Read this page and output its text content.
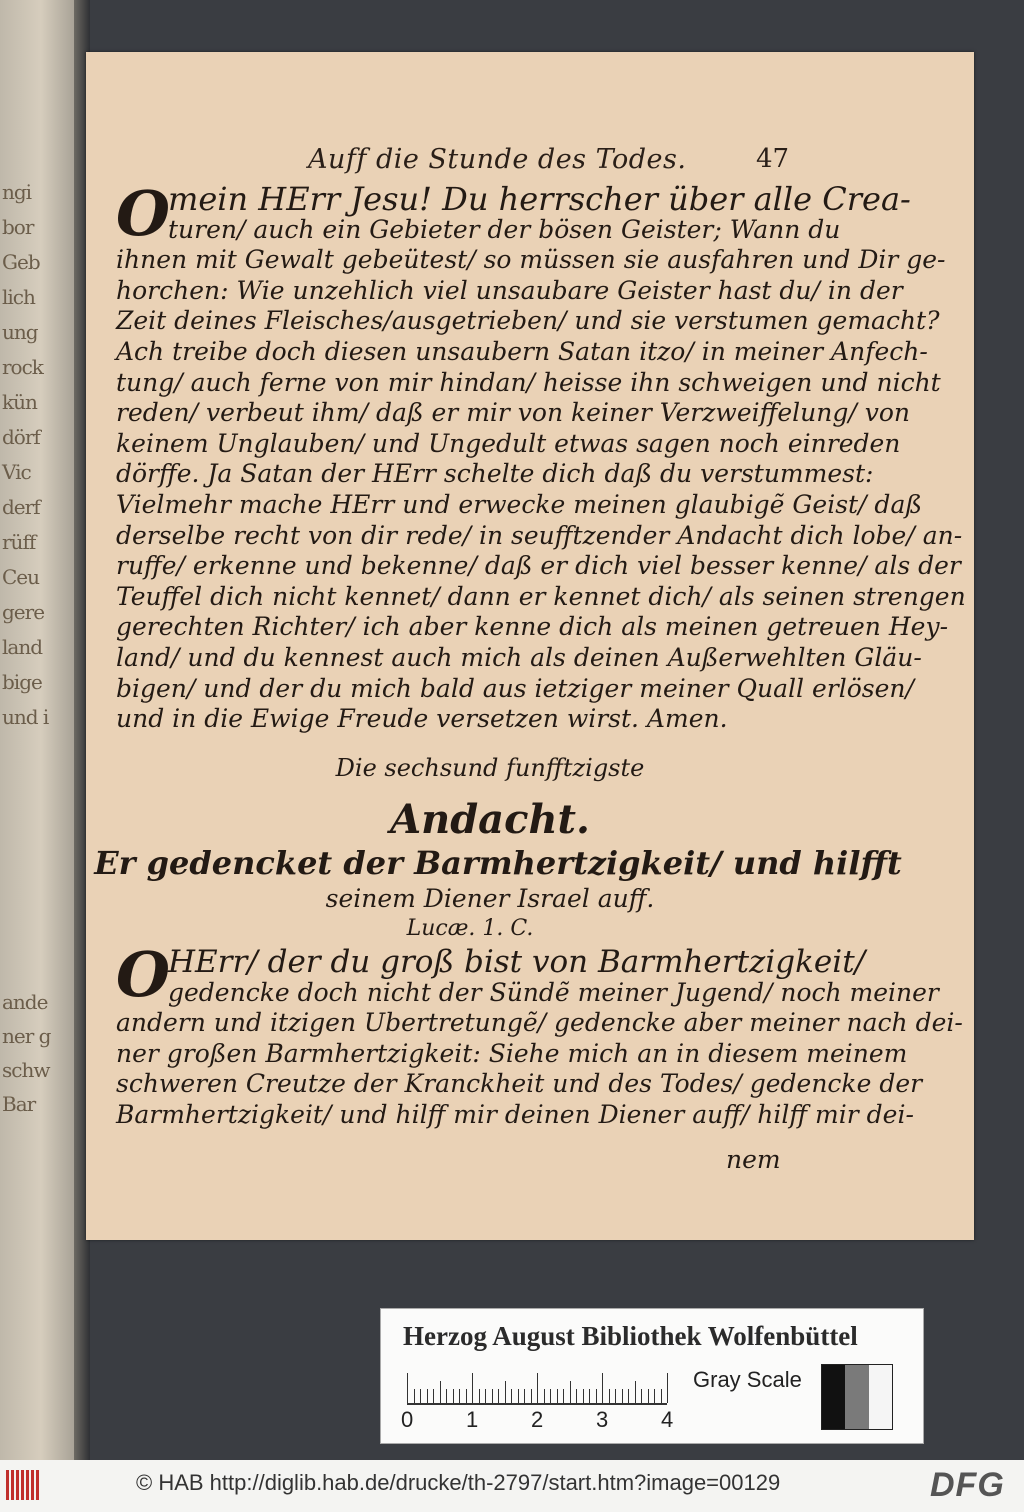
ngi
bor
Geb
lich
ung
rock
kün
dörf
Vic
derf
rüff
Ceu
gere
land
bige
und i
ande
ner g
schw
Bar
Auff die Stunde des Todes.	47
O
mein HErr Jesu! Du herrscher über alle Crea-
turen/ auch ein Gebieter der bösen Geister; Wann du
ihnen mit Gewalt gebeütest/ so müssen sie ausfahren und Dir ge-
horchen: Wie unzehlich viel unsaubare Geister hast du/ in der
Zeit deines Fleisches/ausgetrieben/ und sie verstumen gemacht?
Ach treibe doch diesen unsaubern Satan itzo/ in meiner Anfech-
tung/ auch ferne von mir hindan/ heisse ihn schweigen und nicht
reden/ verbeut ihm/ daß er mir von keiner Verzweiffelung/ von
keinem Unglauben/ und Ungedult etwas sagen noch einreden
dörffe. Ja Satan der HErr schelte dich daß du verstummest:
Vielmehr mache HErr und erwecke meinen glaubigẽ Geist/ daß
derselbe recht von dir rede/ in seufftzender Andacht dich lobe/ an-
ruffe/ erkenne und bekenne/ daß er dich viel besser kenne/ als der
Teuffel dich nicht kennet/ dann er kennet dich/ als seinen strengen
gerechten Richter/ ich aber kenne dich als meinen getreuen Hey-
land/ und du kennest auch mich als deinen Außerwehlten Gläu-
bigen/ und der du mich bald aus ietziger meiner Quall erlösen/
und in die Ewige Freude versetzen wirst. Amen.
Die sechsund funfftzigste
Andacht.
Er gedencket der Barmhertzigkeit/ und hilfft
seinem Diener Israel auff.
Lucæ. 1. C.
O
HErr/ der du groß bist von Barmhertzigkeit/
gedencke doch nicht der Sündẽ meiner Jugend/ noch meiner
andern und itzigen Ubertretungẽ/ gedencke aber meiner nach dei-
ner großen Barmhertzigkeit: Siehe mich an in diesem meinem
schweren Creutze der Kranckheit und des Todes/ gedencke der
Barmhertzigkeit/ und hilff mir deinen Diener auff/ hilff mir dei-
nem
Herzog August Bibliothek Wolfenbüttel
0 1 2 3 4
Gray Scale
© HAB http://diglib.hab.de/drucke/th-2797/start.htm?image=00129	DFG
